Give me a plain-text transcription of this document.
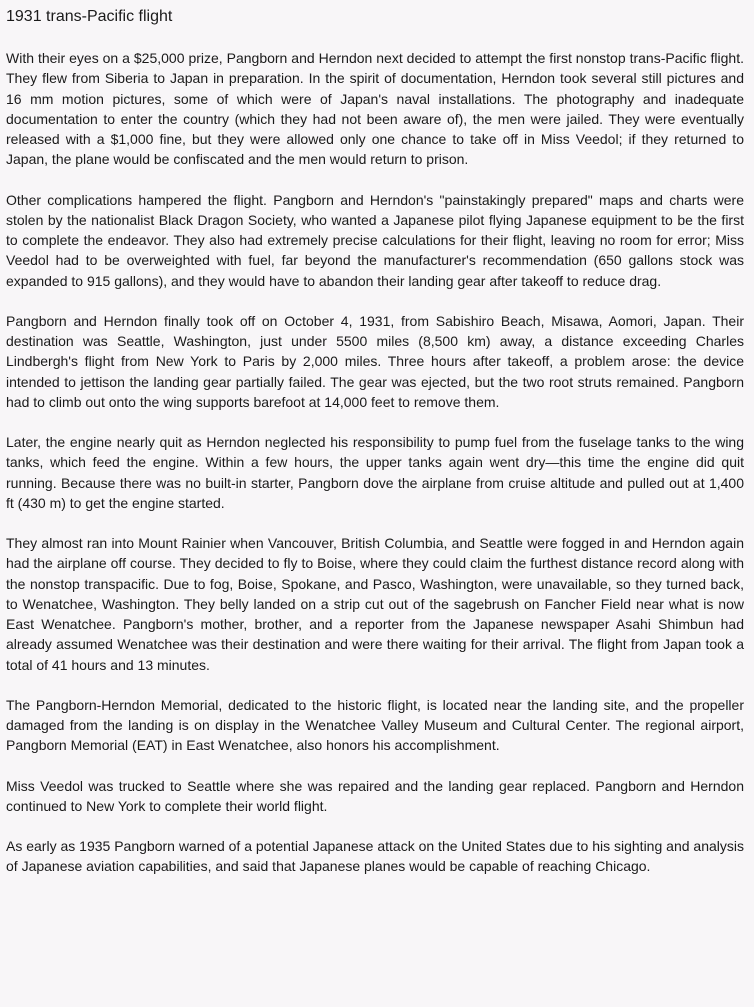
1931 trans-Pacific flight

With their eyes on a $25,000 prize, Pangborn and Herndon next decided to attempt the first nonstop trans-Pacific flight. They flew from Siberia to Japan in preparation. In the spirit of documentation, Herndon took several still pictures and 16 mm motion pictures, some of which were of Japan's naval installations. The photography and inadequate documentation to enter the country (which they had not been aware of), the men were jailed. They were eventually released with a $1,000 fine, but they were allowed only one chance to take off in Miss Veedol; if they returned to Japan, the plane would be confiscated and the men would return to prison.

Other complications hampered the flight. Pangborn and Herndon's "painstakingly prepared" maps and charts were stolen by the nationalist Black Dragon Society, who wanted a Japanese pilot flying Japanese equipment to be the first to complete the endeavor. They also had extremely precise calculations for their flight, leaving no room for error; Miss Veedol had to be overweighted with fuel, far beyond the manufacturer's recommendation (650 gallons stock was expanded to 915 gallons), and they would have to abandon their landing gear after takeoff to reduce drag.

Pangborn and Herndon finally took off on October 4, 1931, from Sabishiro Beach, Misawa, Aomori, Japan. Their destination was Seattle, Washington, just under 5500 miles (8,500 km) away, a distance exceeding Charles Lindbergh's flight from New York to Paris by 2,000 miles. Three hours after takeoff, a problem arose: the device intended to jettison the landing gear partially failed. The gear was ejected, but the two root struts remained. Pangborn had to climb out onto the wing supports barefoot at 14,000 feet to remove them.

Later, the engine nearly quit as Herndon neglected his responsibility to pump fuel from the fuselage tanks to the wing tanks, which feed the engine. Within a few hours, the upper tanks again went dry—this time the engine did quit running. Because there was no built-in starter, Pangborn dove the airplane from cruise altitude and pulled out at 1,400 ft (430 m) to get the engine started.

They almost ran into Mount Rainier when Vancouver, British Columbia, and Seattle were fogged in and Herndon again had the airplane off course. They decided to fly to Boise, where they could claim the furthest distance record along with the nonstop transpacific. Due to fog, Boise, Spokane, and Pasco, Washington, were unavailable, so they turned back, to Wenatchee, Washington. They belly landed on a strip cut out of the sagebrush on Fancher Field near what is now East Wenatchee. Pangborn's mother, brother, and a reporter from the Japanese newspaper Asahi Shimbun had already assumed Wenatchee was their destination and were there waiting for their arrival. The flight from Japan took a total of 41 hours and 13 minutes.

The Pangborn-Herndon Memorial, dedicated to the historic flight, is located near the landing site, and the propeller damaged from the landing is on display in the Wenatchee Valley Museum and Cultural Center. The regional airport, Pangborn Memorial (EAT) in East Wenatchee, also honors his accomplishment.

Miss Veedol was trucked to Seattle where she was repaired and the landing gear replaced. Pangborn and Herndon continued to New York to complete their world flight.

As early as 1935 Pangborn warned of a potential Japanese attack on the United States due to his sighting and analysis of Japanese aviation capabilities, and said that Japanese planes would be capable of reaching Chicago.
